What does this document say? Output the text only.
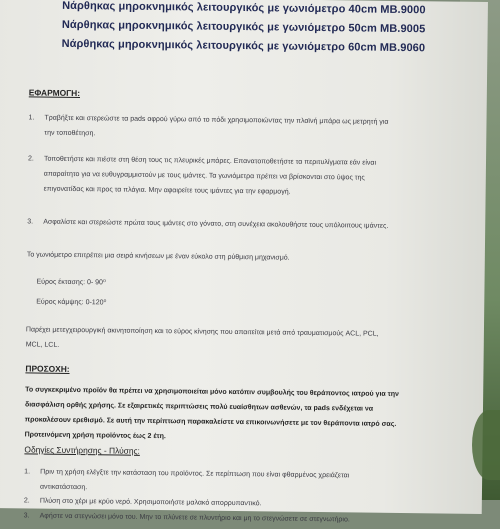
Νάρθηκας μηροκνημικός λειτουργικός με γωνιόμετρο 40cm ΜΒ.9000
Νάρθηκας μηροκνημικός λειτουργικός με γωνιόμετρο 50cm ΜΒ.9005
Νάρθηκας μηροκνημικός λειτουργικός με γωνιόμετρο 60cm ΜΒ.9060
ΕΦΑΡΜΟΓΗ:
1. Τραβήξτε και στερεώστε τα pads αφρού γύρω από το πόδι χρησιμοποιώντας την πλαϊνή μπάρα ως μετρητή για
την τοποθέτηση.
2. Τοποθετήστε και πιέστε στη θέση τους τις πλευρικές μπάρες. Επανατοποθετήστε τα περιτυλίγματα εάν είναι
απαραίτητο για να ευθυγραμμιστούν με τους ιμάντες. Τα γωνιόμετρα πρέπει να βρίσκονται στο ύψος της
επιγονατίδας και προς τα πλάγια. Μην αφαιρείτε τους ιμάντες για την εφαρμογή.
3. Ασφαλίστε και στερεώστε πρώτα τους ιμάντες στο γόνατο, στη συνέχεια ακολουθήστε τους υπόλοιπους ιμάντες.
Το γωνιόμετρο επιτρέπει μια σειρά κινήσεων με έναν εύκολο στη ρύθμιση μηχανισμό.
Εύρος έκτασης: 0- 90⁰
Εύρος κάμψης: 0-120⁰
Παρέχει μετεγχειρουργική ακινητοποίηση και το εύρος κίνησης που απαιτείται μετά από τραυματισμούς ACL, PCL,
MCL, LCL.
ΠΡΟΣΟΧΗ:
Το συγκεκριμένο προϊόν θα πρέπει να χρησιμοποιείται μόνο κατόπιν συμβουλής του θεράποντος ιατρού για την
διασφάλιση ορθής χρήσης. Σε εξαιρετικές περιπτώσεις πολύ ευαίσθητων ασθενών, τα pads ενδέχεται να
προκαλέσουν ερεθισμό. Σε αυτή την περίπτωση παρακαλείστε να επικοινωνήσετε με τον θεράποντα ιατρό σας.
Προτεινόμενη χρήση προϊόντος έως 2 έτη.
Οδηγίες Συντήρησης - Πλύσης:
1. Πριν τη χρήση ελέγξτε την κατάσταση του προϊόντος. Σε περίπτωση που είναι φθαρμένος χρειάζεται
αντικατάσταση.
2. Πλύση στο χέρι με κρύο νερό. Χρησιμοποιήστε μαλακό απορρυπαντικό.
3. Αφήστε να στεγνώσει μόνο του. Μην το πλύνετε σε πλυντήριο και μη το στεγνώσετε σε στεγνωτήριο.
